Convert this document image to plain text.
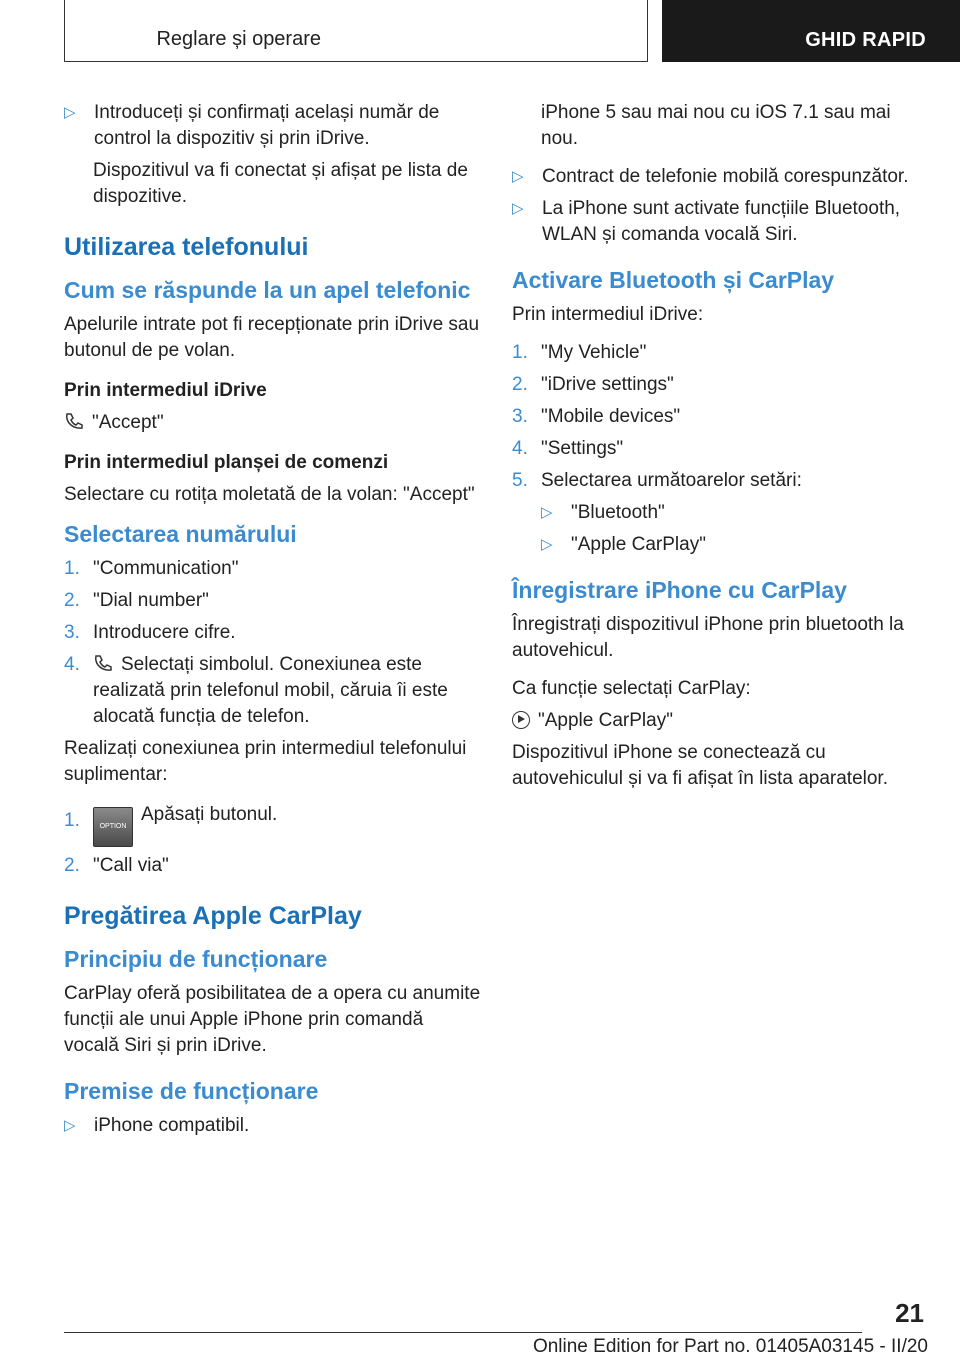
Reglare și operare	GHID RAPID
▷ Introduceți și confirmați același număr de control la dispozitiv și prin iDrive.

Dispozitivul va fi conectat și afișat pe lista de dispozitive.

Utilizarea telefonului
Cum se răspunde la un apel telefonic

Apelurile intrate pot fi recepționate prin iDrive sau butonul de pe volan.

Prin intermediul iDrive

"Accept"

Prin intermediul planșei de comenzi

Selectare cu rotița moletată de la volan: "Accept"

Selectarea numărului
1. "Communication"

2. "Dial number"

3. Introducere cifre.

4.	Selectați simbolul. Conexiunea este realizată prin telefonul mobil, căruia îi este alocată funcția de telefon.

Realizați conexiunea prin intermediul telefonului suplimentar:

1.	OPTIONApăsați butonul.

2. "Call via"

Pregătirea Apple CarPlay
Principiu de funcționare

CarPlay oferă posibilitatea de a opera cu anumite funcții ale unui Apple iPhone prin comandă vocală Siri și prin iDrive.

Premise de funcționare
▷ iPhone compatibil.

iPhone 5 sau mai nou cu iOS 7.1 sau mai nou.

▷ Contract de telefonie mobilă corespunzător.

▷ La iPhone sunt activate funcțiile Bluetooth, WLAN și comanda vocală Siri.

Activare Bluetooth și CarPlay

Prin intermediul iDrive:

1. "My Vehicle"

2. "iDrive settings"

3. "Mobile devices"

4. "Settings"

5. Selectarea următoarelor setări:

▷ "Bluetooth"

▷ "Apple CarPlay"

Înregistrare iPhone cu CarPlay

Înregistrați dispozitivul iPhone prin bluetooth la autovehicul.

Ca funcție selectați CarPlay:

"Apple CarPlay"

Dispozitivul iPhone se conectează cu autovehiculul și va fi afișat în lista aparatelor.

21
Online Edition for Part no. 01405A03145 - II/20
